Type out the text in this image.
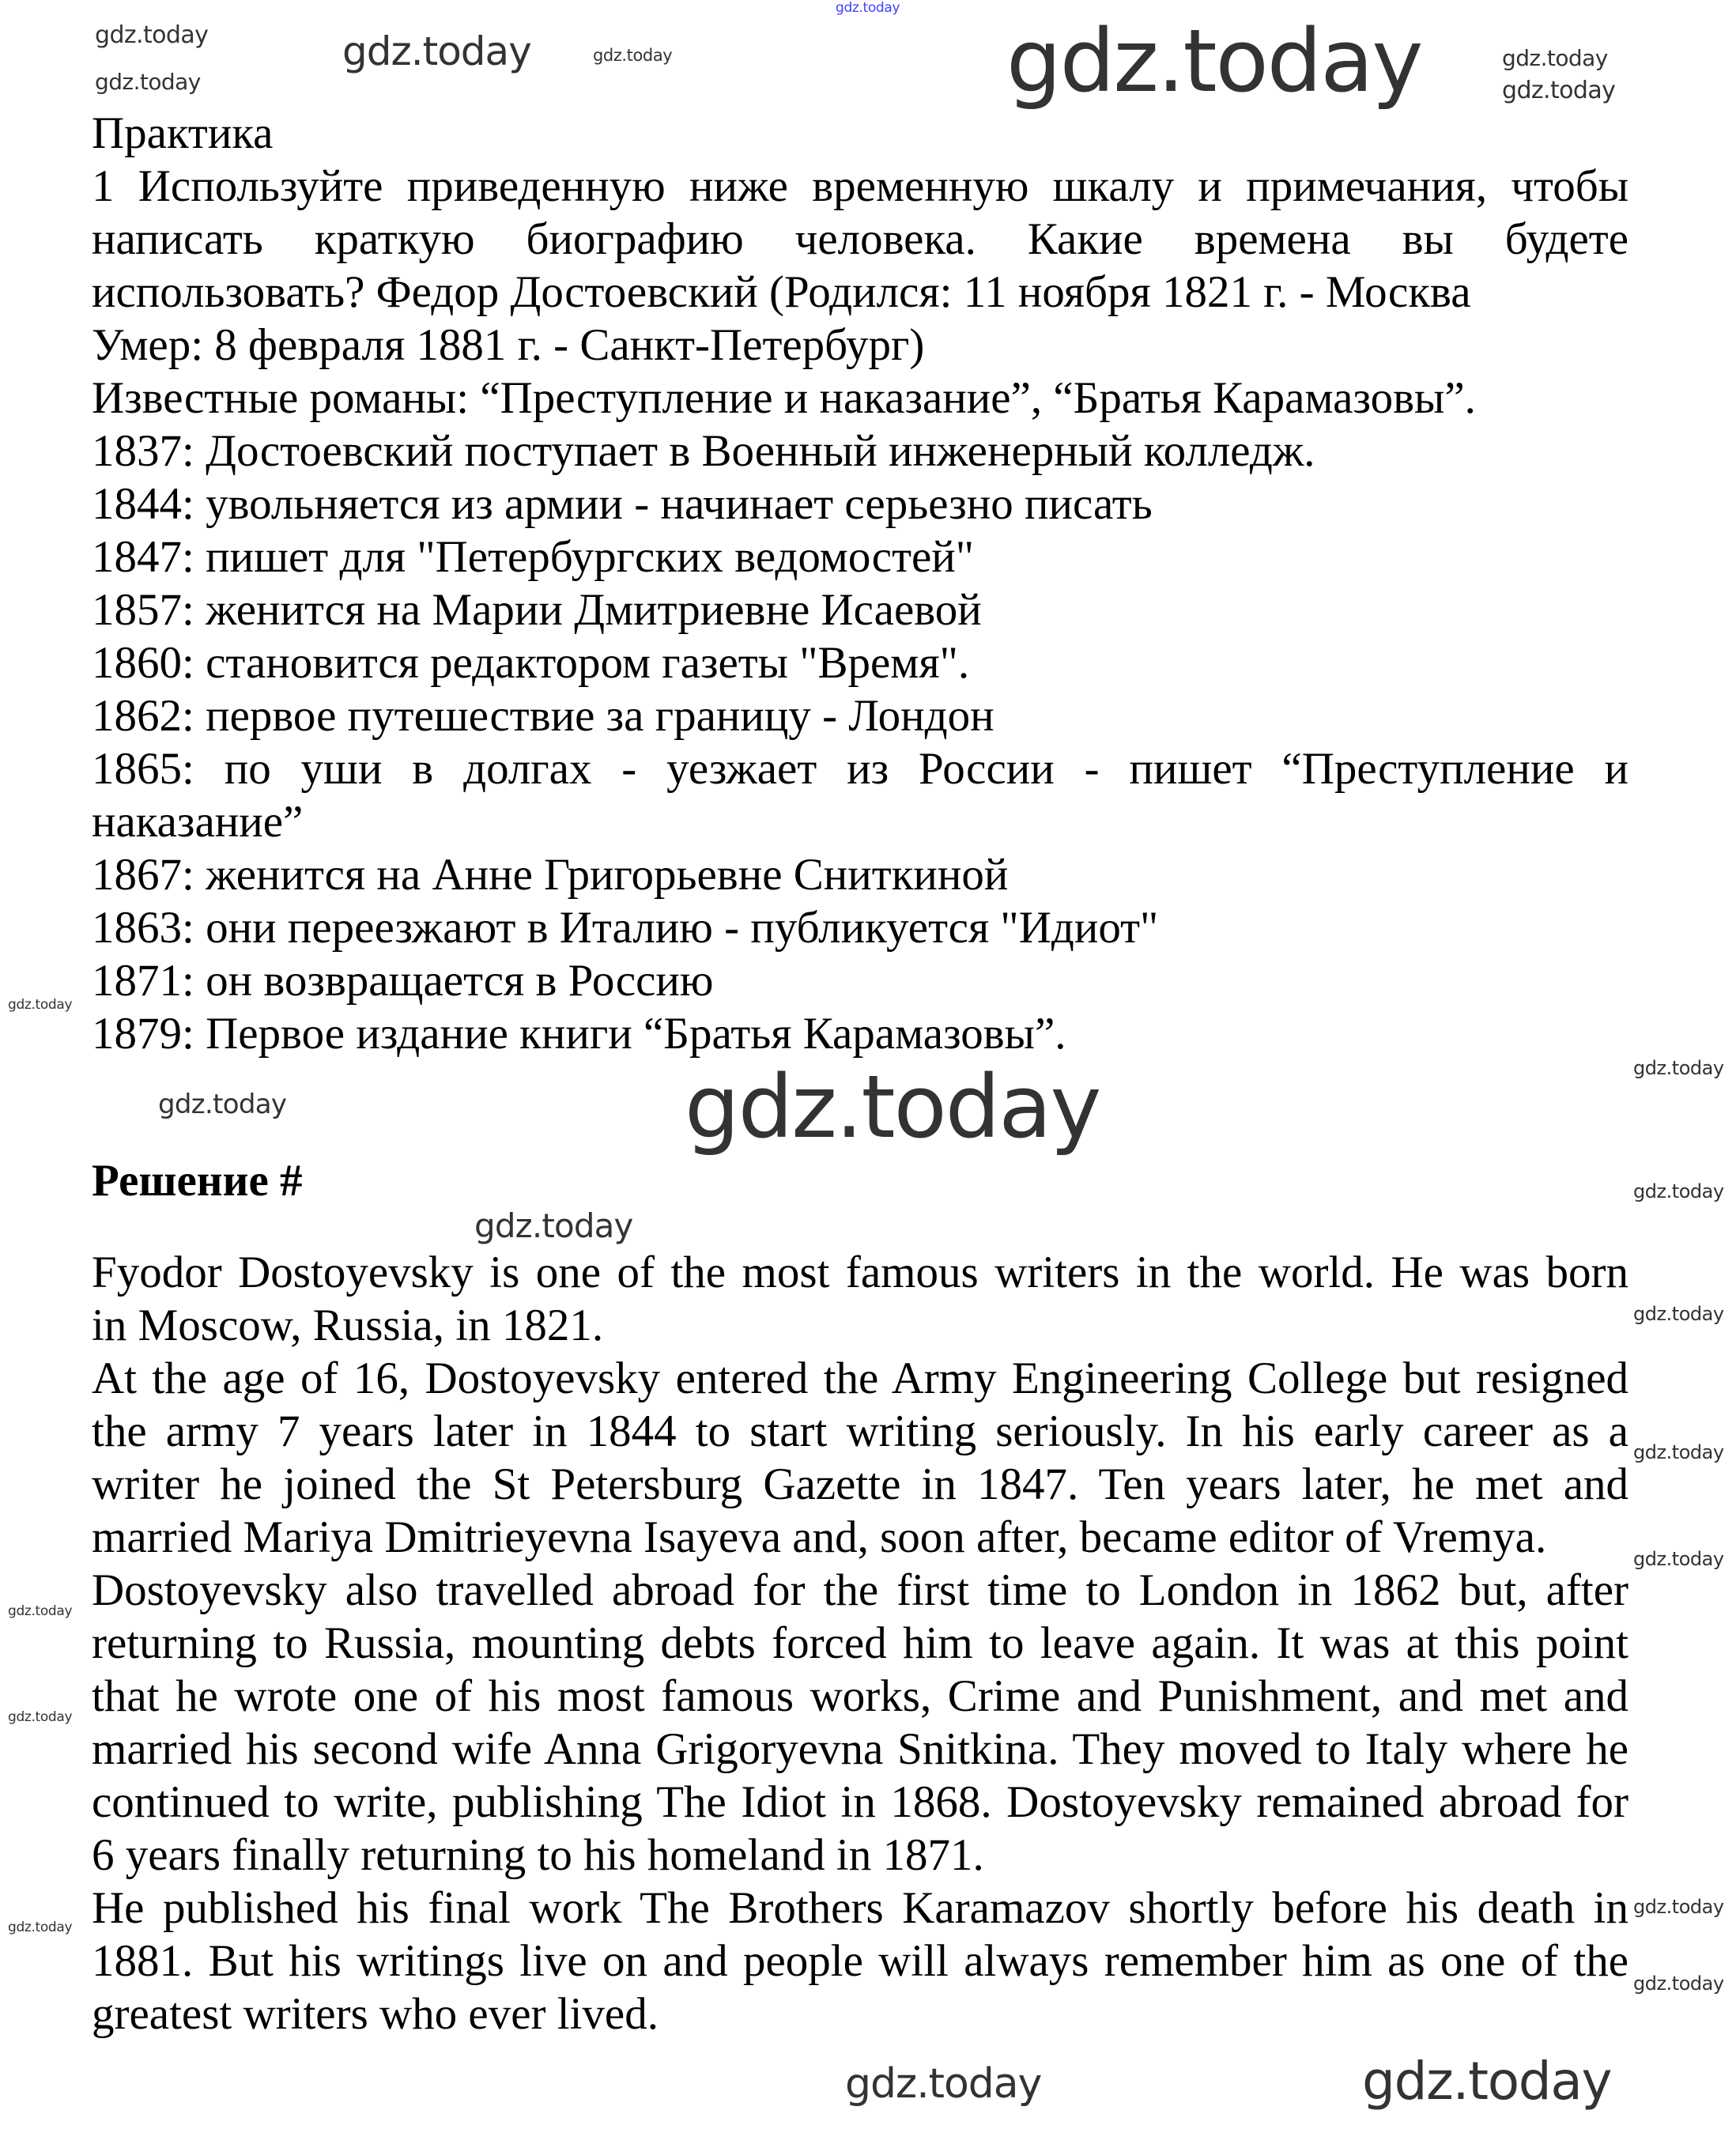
gdz.today
Практика
1 Используйте приведенную ниже временную шкалу и примечания, чтобы
написать краткую биографию человека. Какие времена вы будете
использовать? Федор Достоевский (Родился: 11 ноября 1821 г. - Москва
Умер: 8 февраля 1881 г. - Санкт-Петербург)
Известные романы: “Преступление и наказание”, “Братья Карамазовы”.
1837: Достоевский поступает в Военный инженерный колледж.
1844: увольняется из армии - начинает серьезно писать
1847: пишет для "Петербургских ведомостей"
1857: женится на Марии Дмитриевне Исаевой
1860: становится редактором газеты "Время".
1862: первое путешествие за границу - Лондон
1865: по уши в долгах - уезжает из России - пишет “Преступление и
наказание”
1867: женится на Анне Григорьевне Сниткиной
1863: они переезжают в Италию - публикуется "Идиот"
1871: он возвращается в Россию
1879: Первое издание книги “Братья Карамазовы”.
Решение #
Fyodor Dostoyevsky is one of the most famous writers in the world. He was born
in Moscow, Russia, in 1821.
At the age of 16, Dostoyevsky entered the Army Engineering College but resigned
the army 7 years later in 1844 to start writing seriously. In his early career as a
writer he joined the St Petersburg Gazette in 1847. Ten years later, he met and
married Mariya Dmitrieyevna Isayeva and, soon after, became editor of Vremya.
Dostoyevsky also travelled abroad for the first time to London in 1862 but, after
returning to Russia, mounting debts forced him to leave again. It was at this point
that he wrote one of his most famous works, Crime and Punishment, and met and
married his second wife Anna Grigoryevna Snitkina. They moved to Italy where he
continued to write, publishing The Idiot in 1868. Dostoyevsky remained abroad for
6 years finally returning to his homeland in 1871.
He published his final work The Brothers Karamazov shortly before his death in
1881. But his writings live on and people will always remember him as one of the
greatest writers who ever lived.
gdz.today
gdz.today	gdz.today	gdz.today
gdz.today
gdz.today
gdz.today
gdz.today
gdz.today
gdz.today
gdz.today
gdz.today
gdz.today
gdz.today
gdz.today
gdz.today
gdz.today
gdz.today
gdz.today
gdz.today
gdz.today
gdz.today
gdz.today
